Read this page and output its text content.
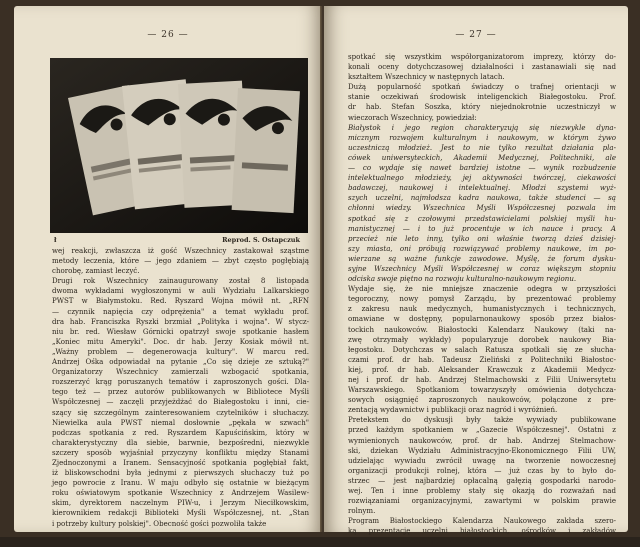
— 26 —
ł	Reprod. S. Ostapczuk
wej reakcji, zwłaszcza iż gość Wszechnicy zastakował sząstme
metody leczenia, które — jego zdaniem — zbyt często pogłębiają
chorobę, zamiast leczyć.
Drugi rok Wszechnicy zainaugurowany został 8 listopada
dwoma wykładami wygłoszonymi w auli Wydziału Lalkarskiego
PWST w Białymstoku. Red. Ryszard Wojna mówił nt. „RFN
— czynnik napięcia czy odprężenia" a temat wykładu prof.
dra hab. Franciszka Ryszki brzmiał „Polityka i wojna". W stycz-
niu br. red. Wiesław Górnicki opatrzył swoje spotkanie hasłem
„Koniec mitu Ameryki". Doc. dr hab. Jerzy Kosiak mówił nt.
„Ważny problem — degenerowacja kultury". W marcu red.
Andrzej Ośka odpowiadał na pytanie „Co się dzieje ze sztuką?"
Organizatorzy Wszechnicy zamierzali wzbogacić spotkania,
rozszerzyć krąg poruszanych tematów i zaproszonych gości. Dla-
tego też — przez autorów publikowanych w Bibliotece Myśli
Współczesnej — zaczęli przyjeżdżać do Białegostoku i inni, cie-
szący się szczególnym zainteresowaniem czytelników i słuchaczy.
Niewielka aula PWST niemal dosłownie „pękała w szwach"
podczas spotkania z red. Ryszardem Kapuścińskim, który w
charakterystyczny dla siebie, barwnie, bezpośredni, niezwykle
szczery sposób wyjaśniał przyczyny konfliktu między Stanami
Zjednoczonymi a Iranem. Sensacyjność spotkania pogłębiał fakt,
iż bliskowschodni była jednymi z pierwszych słuchaczy tuż po
jego powrocie z Iranu. W maju odbyło się ostatnie w bieżącym
roku oświatowym spotkanie Wszechnicy z Andrzejem Wasilew-
skim, dyrektorem naczelnym PIW-u, i Jerzym Nieciłkowskim,
kierownikiem redakcji Biblioteki Myśli Współczesnej, nt. „Stan
i potrzeby kultury polskiej". Obecność gości pozwoliła także
— 27 —
spotkać się wszystkim współorganizatorom imprezy, którzy do-
konali oceny dotychczasowej działalności i zastanawiali się nad
kształtem Wszechnicy w następnych latach.
Dużą popularność spotkań świadczy o trafnej orientacji w
stanie oczekiwań środowisk inteligenckich Białegostoku. Prof.
dr hab. Stefan Soszka, który niejednokrotnie uczestniczył w
wieczorach Wszechnicy, powiedział:
Białystok i jego region charakteryzują się niezwykle dyna-
micznym rozwojem kulturalnym i naukowym, w którym żywo
uczestniczą młodzież. Jest to nie tylko rezultat działania pla-
cówek uniwersyteckich, Akademii Medycznej, Politechniki, ale
— co wydaje się nawet bardziej istotne — wynik rozbudzenie
intelektualnego młodzieży, jej aktywności twórczej, ciekawości
badawczej, naukowej i intelektualnej. Młodzi szystemi wyż-
szych uczelni, najmłodsza kadra naukowa, także studenci — są
chłonni wiedzy. Wszechnica Myśli Współczesnej pozwala im
spotkać się z czołowymi przedstawicielami polskiej myśli hu-
manistycznej — i to już procentuje w ich nauce i pracy. A
przecież nie leto inny, tylko oni właśnie tworzą dzieś dzisiej-
szy miasta, oni próbują rozwiązywać problemy naukowe, im po-
wierzane są ważne funkcje zawodowe. Myślę, że forum dysku-
syjne Wszechnicy Myśli Współczesnej w coraz większym stopniu
odciska swoje piętno na rozwoju kulturalno-naukowym regionu.
Wydaje się, że nie mniejsze znaczenie odegra w przyszłości
tegoroczny, nowy pomysł Zarządu, by prezentować problemy
z zakresu nauk medycznych, humanistycznych i technicznych,
omawiane w dostępny, popularnonaukowy sposób przez białos-
tockich naukowców. Białostocki Kalendarz Naukowy (taki na-
zwę otrzymały wykłady) popularyzuje dorobek naukowy Bia-
łegostoku. Dotychczas w salach Ratusza spotkali się ze słucha-
czami prof. dr hab. Tadeusz Zieliński z Politechniki Białostoc-
kiej, prof. dr hab. Aleksander Krawczuk z Akademii Medycz-
nej i prof. dr hab. Andrzej Stelmachowski z Filii Uniwersytetu
Warszawskiego. Spotkaniom towarzyszyły omówienia dotychcza-
sowych osiągnięć zaproszonych naukowców, połączone z pre-
zentacją wydawnictw i publikacji oraz nagród i wyróżnień.
Pretekstem do dyskusji były także wywiady publikowane
przed każdym spotkaniem w „Gazecie Współczesnej". Ostatni z
wymienionych naukowców, prof. dr hab. Andrzej Stelmachow-
ski, dziekan Wydziału Administracyjno-Ekonomicznego Filii UW,
udzielając wywiadu zwrócił uwagę na tworzenie nowoczesnej
organizacji produkcji rolnej, która — już czas by to było do-
strzec — jest najbardziej opłacalną gałęzią gospodarki narodo-
wej. Ten i inne problemy stały się okazją do rozważań nad
rozwiązaniami organizacyjnymi, zawartymi w polskim prawie
rolnym.
Program Białostockiego Kalendarza Naukowego zakłada szero-
ką prezentację uczelni białostockich, ośrodków i zakładów
naukowych; przewiduje także informowanie słuchaczy o sesjach,
